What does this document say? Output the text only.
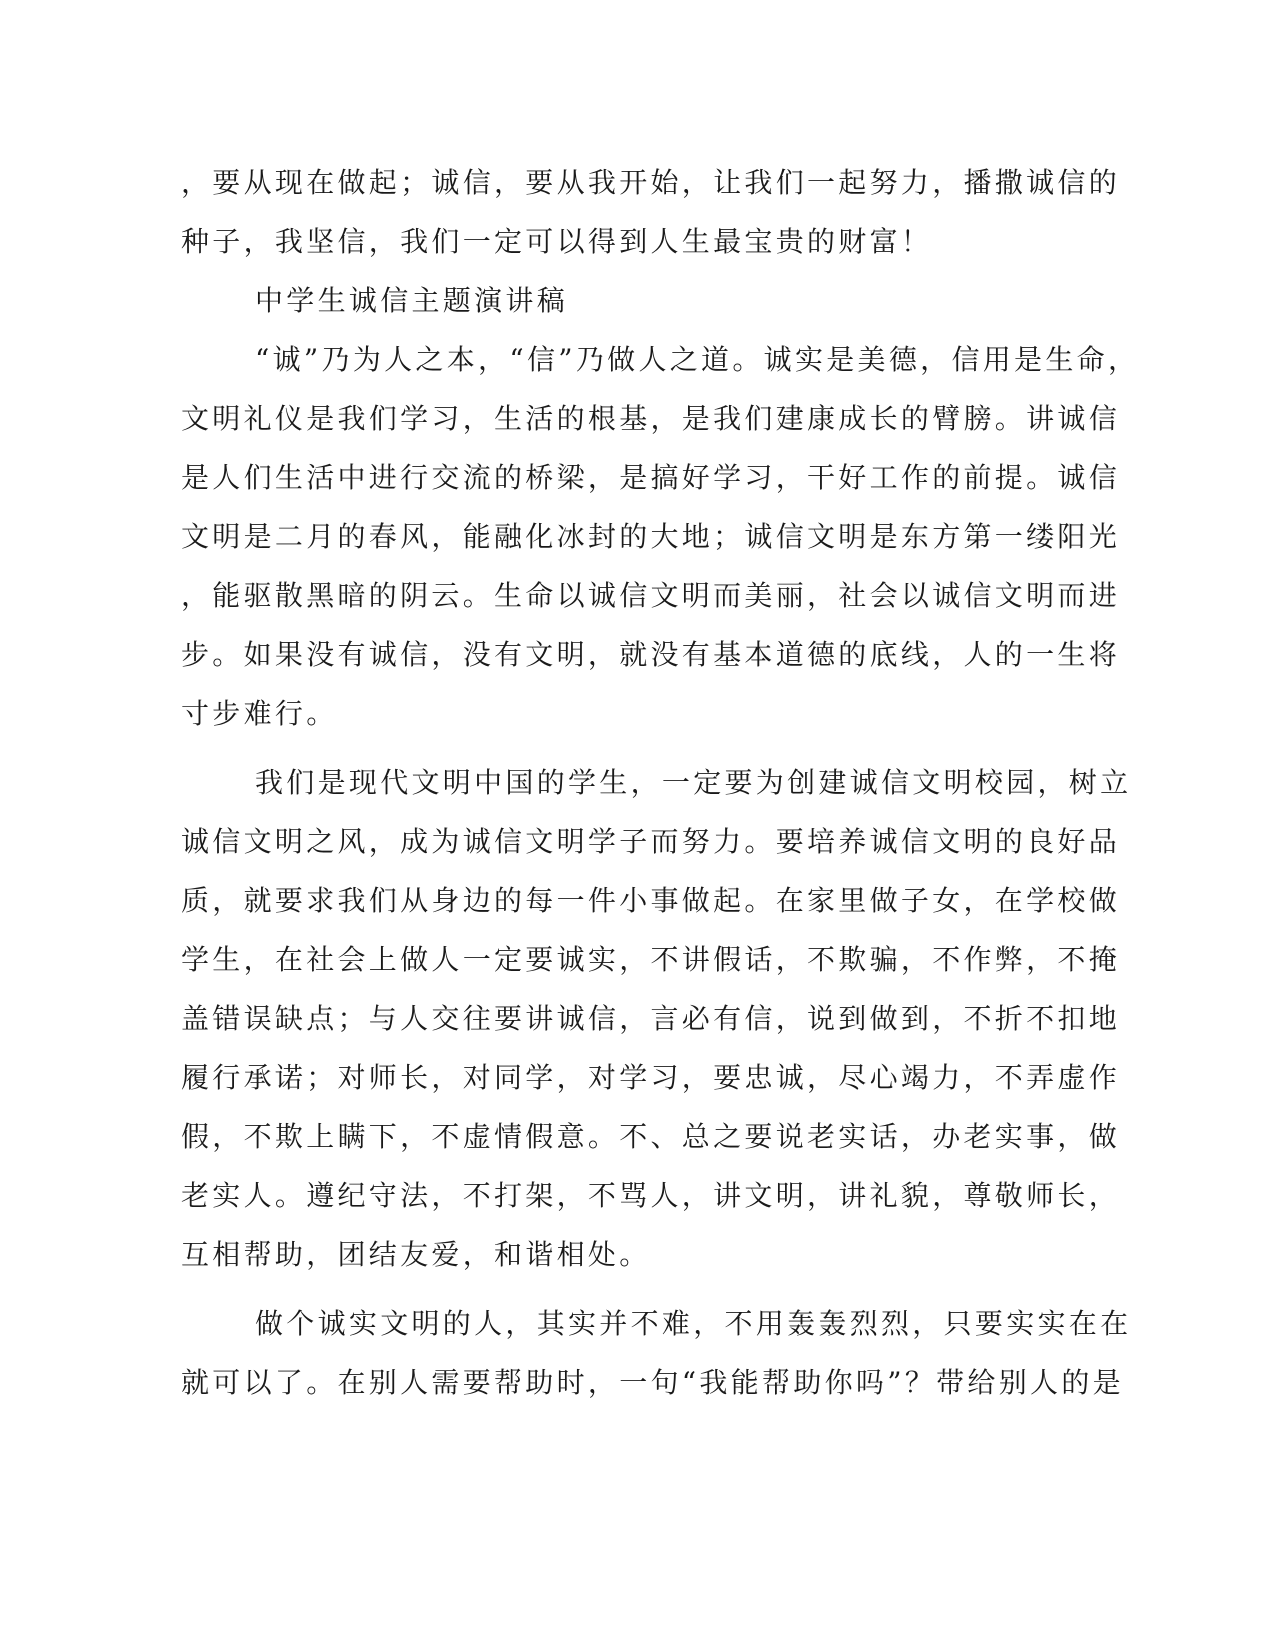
，要从现在做起；诚信，要从我开始，让我们一起努力，播撒诚信的
种子，我坚信，我们一定可以得到人生最宝贵的财富！
中学生诚信主题演讲稿
“诚”乃为人之本，“信”乃做人之道。诚实是美德，信用是生命，
文明礼仪是我们学习，生活的根基，是我们建康成长的臂膀。讲诚信
是人们生活中进行交流的桥梁，是搞好学习，干好工作的前提。诚信
文明是二月的春风，能融化冰封的大地；诚信文明是东方第一缕阳光
，能驱散黑暗的阴云。生命以诚信文明而美丽，社会以诚信文明而进
步。如果没有诚信，没有文明，就没有基本道德的底线，人的一生将
寸步难行。
我们是现代文明中国的学生，一定要为创建诚信文明校园，树立
诚信文明之风，成为诚信文明学子而努力。要培养诚信文明的良好品
质，就要求我们从身边的每一件小事做起。在家里做子女，在学校做
学生，在社会上做人一定要诚实，不讲假话，不欺骗，不作弊，不掩
盖错误缺点；与人交往要讲诚信，言必有信，说到做到，不折不扣地
履行承诺；对师长，对同学，对学习，要忠诚，尽心竭力，不弄虚作
假，不欺上瞒下，不虚情假意。不、总之要说老实话，办老实事，做
老实人。遵纪守法，不打架，不骂人，讲文明，讲礼貌，尊敬师长，
互相帮助，团结友爱，和谐相处。
做个诚实文明的人，其实并不难，不用轰轰烈烈，只要实实在在
就可以了。在别人需要帮助时，一句“我能帮助你吗”？带给别人的是
